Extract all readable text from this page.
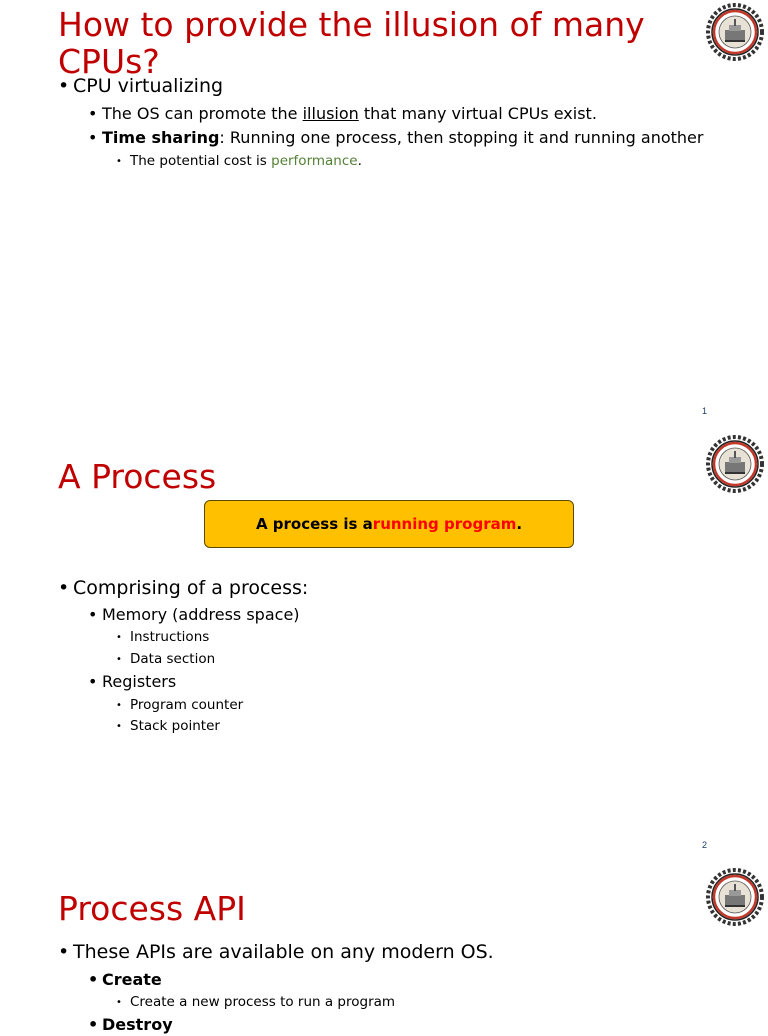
How to provide the illusion of many CPUs?
• CPU virtualizing
• The OS can promote the illusion that many virtual CPUs exist.
• Time sharing: Running one process, then stopping it and running another
• The potential cost is performance.
1
A Process
• Comprising of a process:
• Memory (address space)
• Instructions
• Data section
• Registers
• Program counter
• Stack pointer
2
A process is a running program .
Process API
• These APIs are available on any modern OS.
• Create
• Create a new process to run a program
• Destroy
